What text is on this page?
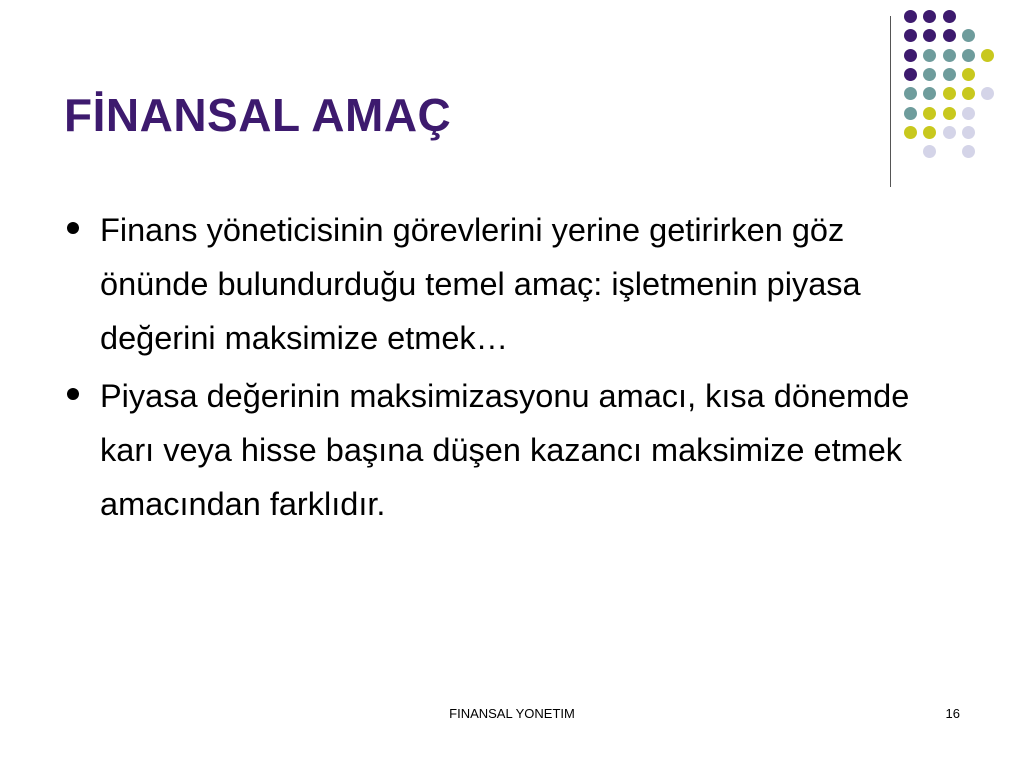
FİNANSAL AMAÇ
Finans yöneticisinin görevlerini yerine getirirken göz önünde bulundurduğu temel amaç: işletmenin piyasa değerini maksimize etmek…
Piyasa değerinin maksimizasyonu amacı, kısa dönemde karı veya hisse başına düşen kazancı maksimize etmek amacından farklıdır.
FINANSAL YONETIM	16
